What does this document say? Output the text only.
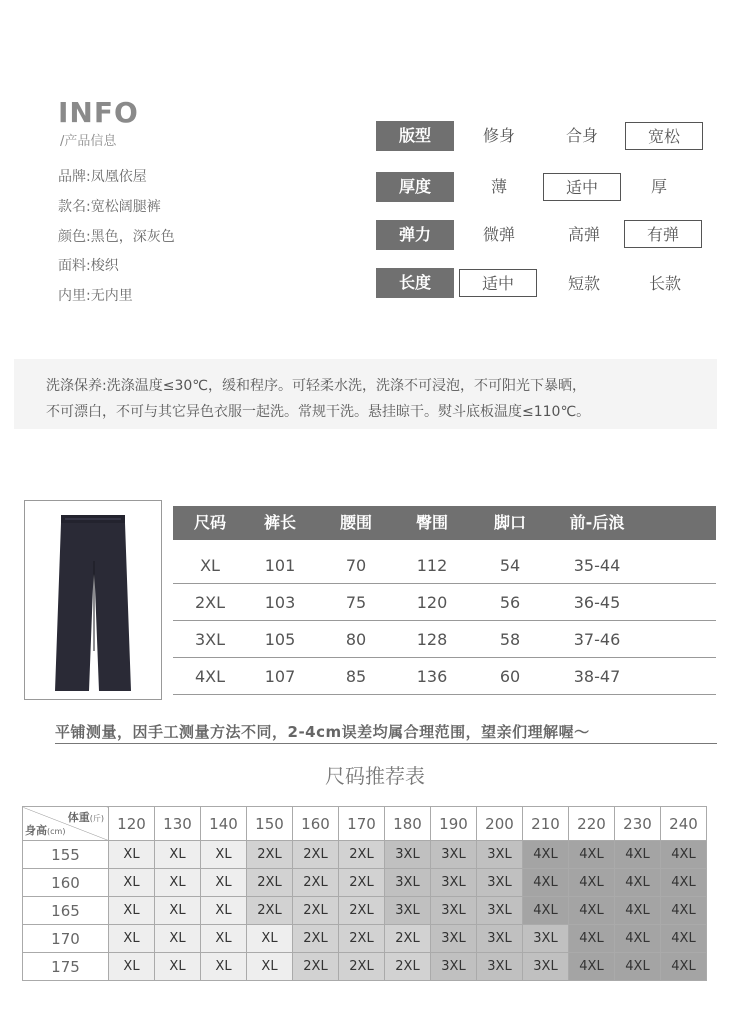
INFO
/产品信息
品牌:凤凰依屋
款名:宽松阔腿裤
颜色:黑色，深灰色
面料:梭织
内里:无内里
版型	修身	合身	宽松
厚度	薄	适中	厚
弹力	微弹	高弹	有弹
长度	适中	短款	长款
洗涤保养:洗涤温度≤30℃，缓和程序。可轻柔水洗，洗涤不可浸泡，不可阳光下暴晒，
不可漂白，不可与其它异色衣服一起洗。常规干洗。悬挂晾干。熨斗底板温度≤110℃。
尺码	裤长	腰围	臀围	脚口	前-后浪
XL	101	70	112	54	35-44
2XL	103	75	120	56	36-45
3XL	105	80	128	58	37-46
4XL	107	85	136	60	38-47
平铺测量，因手工测量方法不同，2-4cm误差均属合理范围，望亲们理解喔～
尺码推荐表
体重(斤)
身高(cm)	120	130	140	150	160	170	180	190	200	210	220	230	240
155	XL	XL	XL	2XL	2XL	2XL	3XL	3XL	3XL	4XL	4XL	4XL	4XL
160	XL	XL	XL	2XL	2XL	2XL	3XL	3XL	3XL	4XL	4XL	4XL	4XL
165	XL	XL	XL	2XL	2XL	2XL	3XL	3XL	3XL	4XL	4XL	4XL	4XL
170	XL	XL	XL	XL	2XL	2XL	2XL	3XL	3XL	3XL	4XL	4XL	4XL
175	XL	XL	XL	XL	2XL	2XL	2XL	3XL	3XL	3XL	4XL	4XL	4XL
